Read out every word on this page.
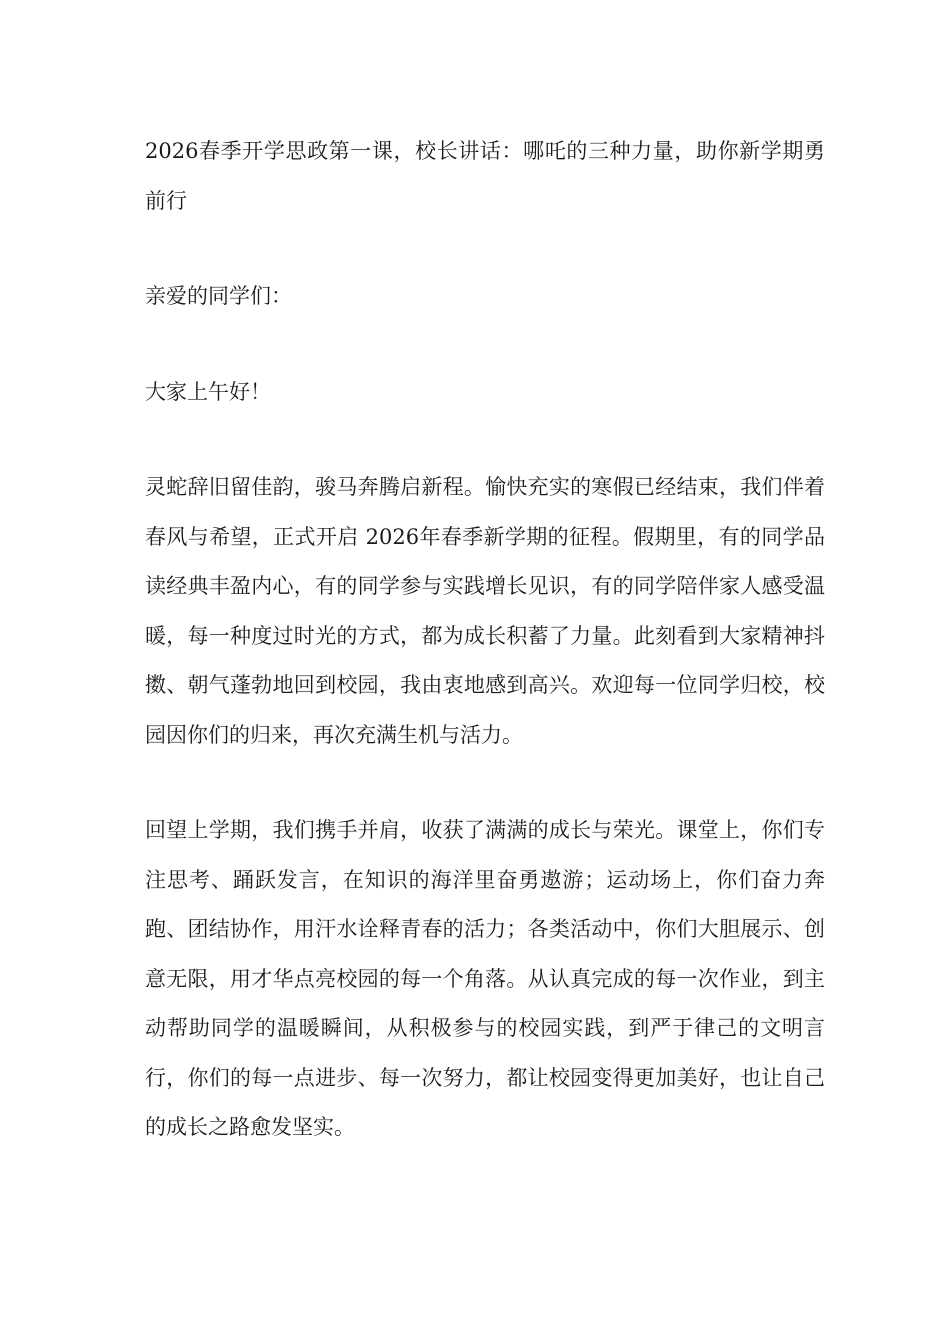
2026春季开学思政第一课，校长讲话：哪吒的三种力量，助你新学期勇前行

亲爱的同学们：

大家上午好！

灵蛇辞旧留佳韵，骏马奔腾启新程。愉快充实的寒假已经结束，我们伴着春风与希望，正式开启 2026年春季新学期的征程。假期里，有的同学品读经典丰盈内心，有的同学参与实践增长见识，有的同学陪伴家人感受温暖，每一种度过时光的方式，都为成长积蓄了力量。此刻看到大家精神抖擞、朝气蓬勃地回到校园，我由衷地感到高兴。欢迎每一位同学归校，校园因你们的归来，再次充满生机与活力。

回望上学期，我们携手并肩，收获了满满的成长与荣光。课堂上，你们专注思考、踊跃发言，在知识的海洋里奋勇遨游；运动场上，你们奋力奔跑、团结协作，用汗水诠释青春的活力；各类活动中，你们大胆展示、创意无限，用才华点亮校园的每一个角落。从认真完成的每一次作业，到主动帮助同学的温暖瞬间，从积极参与的校园实践，到严于律己的文明言行，你们的每一点进步、每一次努力，都让校园变得更加美好，也让自己的成长之路愈发坚实。
